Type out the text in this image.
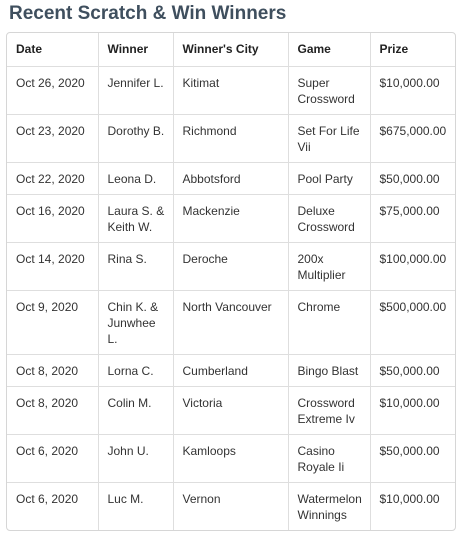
Recent Scratch & Win Winners
Date	Winner	Winner's City	Game	Prize
Oct 26, 2020	Jennifer L.	Kitimat	Super Crossword	$10,000.00
Oct 23, 2020	Dorothy B.	Richmond	Set For Life Vii	$675,000.00
Oct 22, 2020	Leona D.	Abbotsford	Pool Party	$50,000.00
Oct 16, 2020	Laura S. & Keith W.	Mackenzie	Deluxe Crossword	$75,000.00
Oct 14, 2020	Rina S.	Deroche	200x Multiplier	$100,000.00
Oct 9, 2020	Chin K. & Junwhee L.	North Vancouver	Chrome	$500,000.00
Oct 8, 2020	Lorna C.	Cumberland	Bingo Blast	$50,000.00
Oct 8, 2020	Colin M.	Victoria	Crossword Extreme Iv	$10,000.00
Oct 6, 2020	John U.	Kamloops	Casino Royale Ii	$50,000.00
Oct 6, 2020	Luc M.	Vernon	Watermelon Winnings	$10,000.00
